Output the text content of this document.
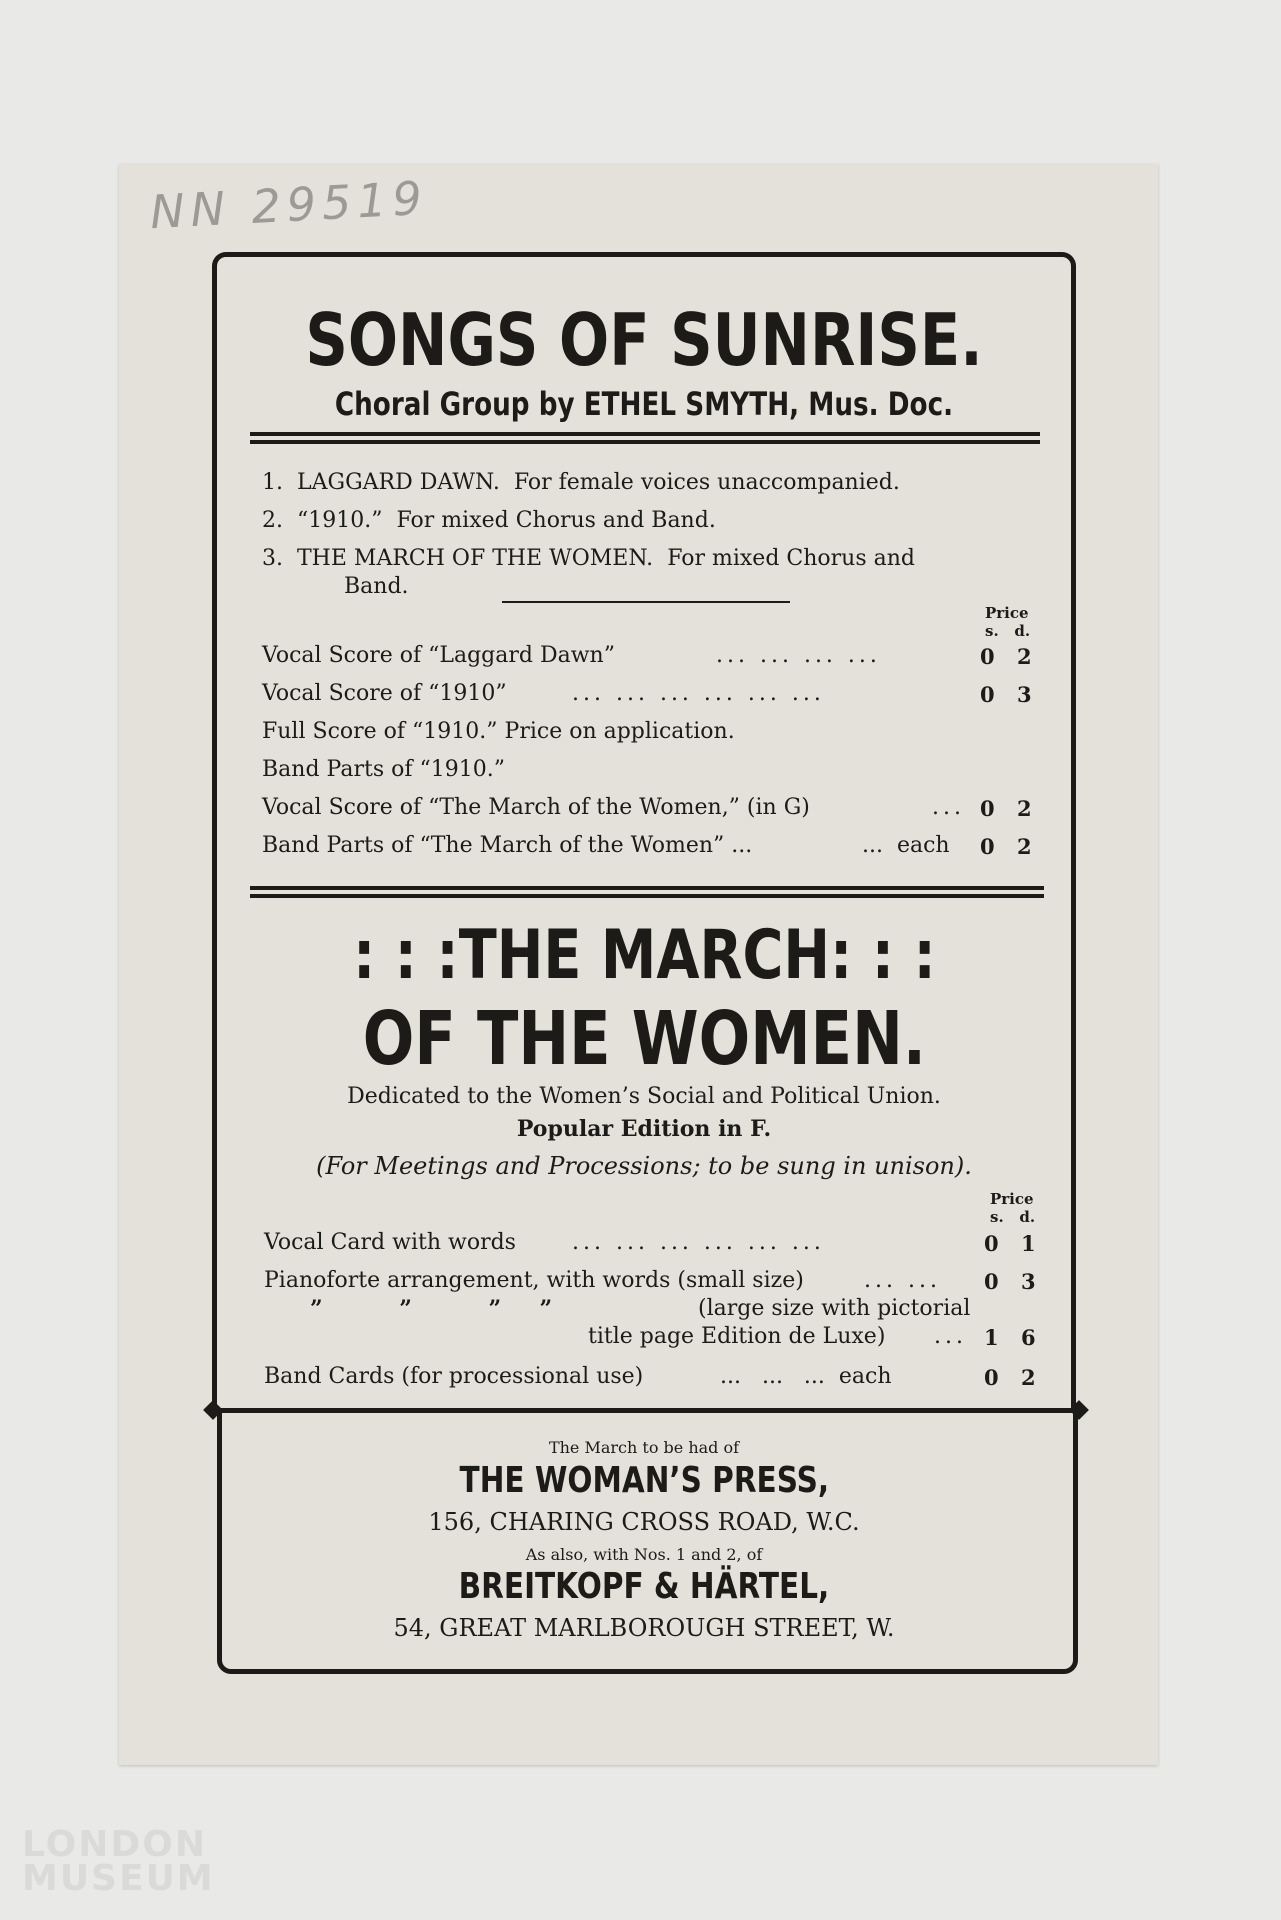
NN 29519
SONGS OF SUNRISE.
Choral Group by ETHEL SMYTH, Mus. Doc.
1. LAGGARD DAWN. For female voices unaccompanied.
2. “1910.” For mixed Chorus and Band.
3. THE MARCH OF THE WOMEN. For mixed Chorus and
Band.
Price
s.   d.
Vocal Score of “Laggard Dawn”	... ... ... ...	0 2
Vocal Score of “1910”	... ... ... ... ... ...	0 3
Full Score of “1910.” Price on application.
Band Parts of “1910.”
Vocal Score of “The March of the Women,” (in G)	... 0 2
Band Parts of “The March of the Women” ...	...  each 0 2
: : :THE MARCH: : :
OF THE WOMEN.
Dedicated to the Women’s Social and Political Union.
Popular Edition in F.
(For Meetings and Processions; to be sung in unison).
Price
s.   d.
Vocal Card with words	... ... ... ... ... ...	0 1
Pianoforte arrangement, with words (small size)	... ... 0 3
”          ”          ”     ”	(large size with pictorial
title page Edition de Luxe) ... 1 6
Band Cards (for processional use)	...   ...   ...  each	0 2
The March to be had of
THE WOMAN’S PRESS,
156, CHARING CROSS ROAD, W.C.
As also, with Nos. 1 and 2, of
BREITKOPF & HÄRTEL,
54, GREAT MARLBOROUGH STREET, W.
LONDON
MUSEUM
